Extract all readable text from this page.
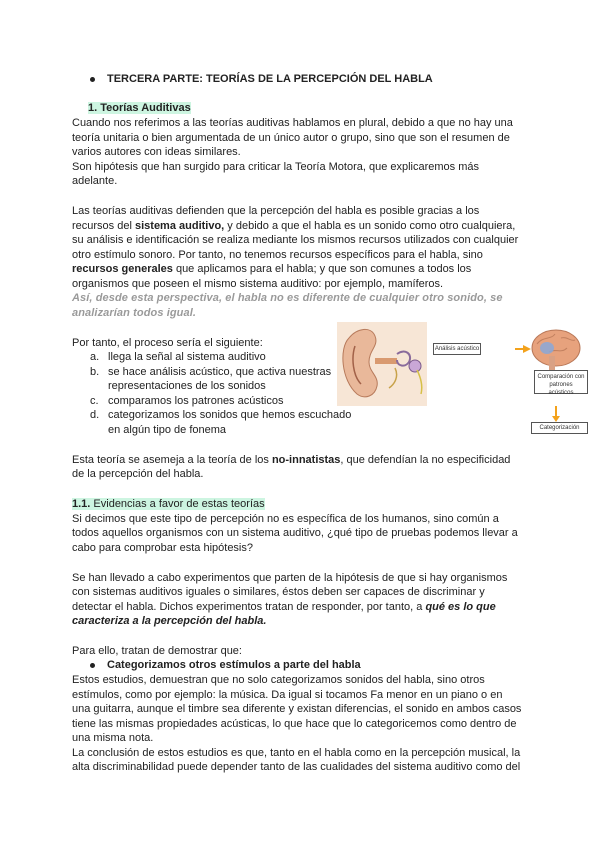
TERCERA PARTE: TEORÍAS DE LA PERCEPCIÓN DEL HABLA
1. Teorías Auditivas
Cuando nos referimos a las teorías auditivas hablamos en plural, debido a que no hay una
teoría unitaria o bien argumentada de un único autor o grupo, sino que son el resumen de
varios autores con ideas similares.
Son hipótesis que han surgido para criticar la Teoría Motora, que explicaremos más
adelante.
Las teorías auditivas defienden que la percepción del habla es posible gracias a los
recursos del sistema auditivo, y debido a que el habla es un sonido como otro cualquiera,
su análisis e identificación se realiza mediante los mismos recursos utilizados con cualquier
otro estímulo sonoro. Por tanto, no tenemos recursos específicos para el habla, sino
recursos generales que aplicamos para el habla; y que son comunes a todos los
organismos que poseen el mismo sistema auditivo: por ejemplo, mamíferos.
Así, desde esta perspectiva, el habla no es diferente de cualquier otro sonido, se
analizarían todos igual.
Por tanto, el proceso sería el siguiente:
a. llega la señal al sistema auditivo
b. se hace análisis acústico, que activa nuestras
representaciones de los sonidos
c. comparamos los patrones acústicos
d. categorizamos los sonidos que hemos escuchado
en algún tipo de fonema
Análisis acústico
Comparación con patrones acústicos
Categorización
Esta teoría se asemeja a la teoría de los no-innatistas, que defendían la no especificidad
de la percepción del habla.
1.1. Evidencias a favor de estas teorías
Si decimos que este tipo de percepción no es específica de los humanos, sino común a
todos aquellos organismos con un sistema auditivo, ¿qué tipo de pruebas podemos llevar a
cabo para comprobar esta hipótesis?
Se han llevado a cabo experimentos que parten de la hipótesis de que si hay organismos
con sistemas auditivos iguales o similares, éstos deben ser capaces de discriminar y
detectar el habla. Dichos experimentos tratan de responder, por tanto, a qué es lo que
caracteriza a la percepción del habla.
Para ello, tratan de demostrar que:
Categorizamos otros estímulos a parte del habla
Estos estudios, demuestran que no solo categorizamos sonidos del habla, sino otros
estímulos, como por ejemplo: la música. Da igual si tocamos Fa menor en un piano o en
una guitarra, aunque el timbre sea diferente y existan diferencias, el sonido en ambos casos
tiene las mismas propiedades acústicas, lo que hace que lo categoricemos como dentro de
una misma nota.
La conclusión de estos estudios es que, tanto en el habla como en la percepción musical, la
alta discriminabilidad puede depender tanto de las cualidades del sistema auditivo como del
